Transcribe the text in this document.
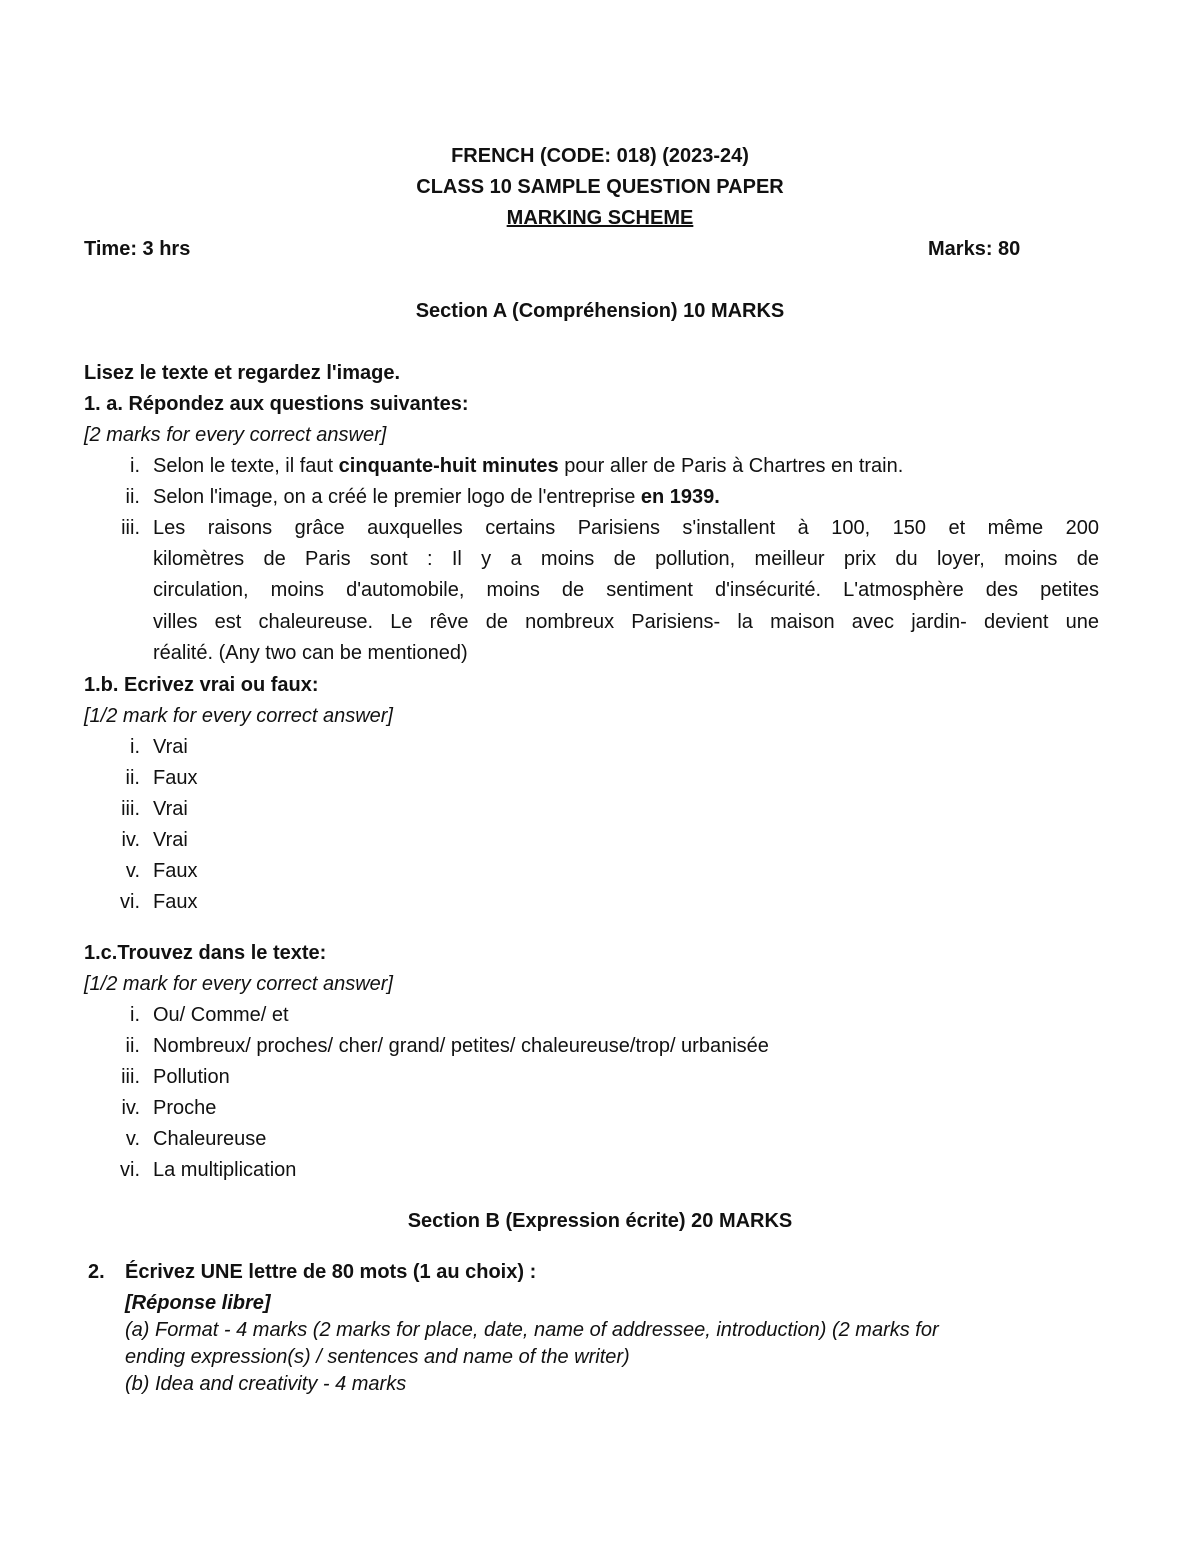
FRENCH (CODE: 018) (2023-24)
CLASS 10 SAMPLE QUESTION PAPER
MARKING SCHEME
Time: 3 hrs	Marks: 80
Section A (Compréhension) 10 MARKS
Lisez le texte et regardez l'image.
1. a. Répondez aux questions suivantes:
[2 marks for every correct answer]
i. Selon le texte, il faut cinquante-huit minutes pour aller de Paris à Chartres en train.
ii. Selon l'image, on a créé le premier logo de l'entreprise en 1939.
iii. Les raisons grâce auxquelles certains Parisiens s'installent à 100, 150 et même 200
kilomètres de Paris sont : Il y a moins de pollution, meilleur prix du loyer, moins de
circulation, moins d'automobile, moins de sentiment d'insécurité. L'atmosphère des petites
villes est chaleureuse. Le rêve de nombreux Parisiens- la maison avec jardin- devient une
réalité. (Any two can be mentioned)
1.b. Ecrivez vrai ou faux:
[1/2 mark for every correct answer]
i. Vrai
ii. Faux
iii. Vrai
iv. Vrai
v. Faux
vi. Faux
1.c.Trouvez dans le texte:
[1/2 mark for every correct answer]
i. Ou/ Comme/ et
ii. Nombreux/ proches/ cher/ grand/ petites/ chaleureuse/trop/ urbanisée
iii. Pollution
iv. Proche
v. Chaleureuse
vi. La multiplication
Section B (Expression écrite) 20 MARKS
2. Écrivez UNE lettre de 80 mots (1 au choix) :
[Réponse libre]
(a) Format - 4 marks (2 marks for place, date, name of addressee, introduction) (2 marks for
ending expression(s) / sentences and name of the writer)
(b) Idea and creativity - 4 marks
